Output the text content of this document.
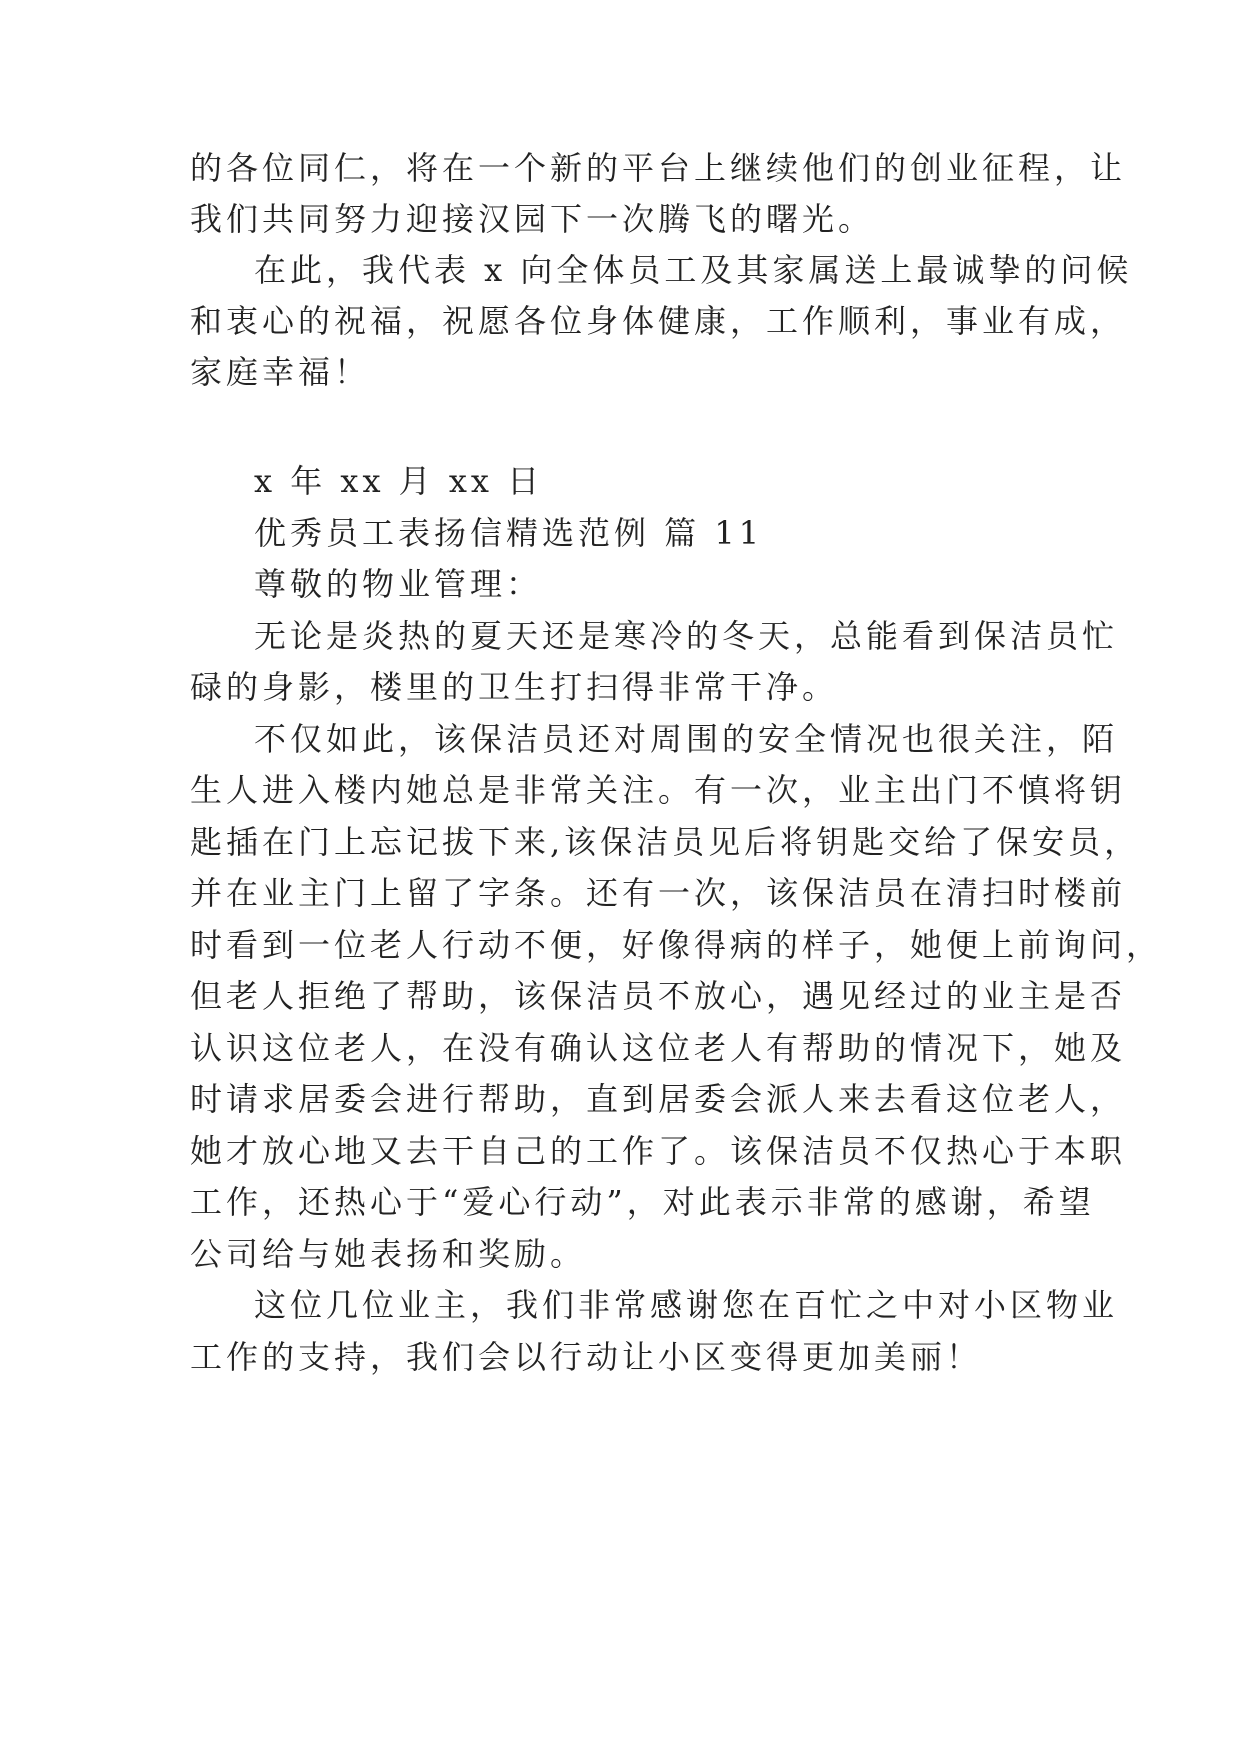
的各位同仁，将在一个新的平台上继续他们的创业征程，让
我们共同努力迎接汉园下一次腾飞的曙光。
在此，我代表 x 向全体员工及其家属送上最诚挚的问候
和衷心的祝福，祝愿各位身体健康，工作顺利，事业有成，
家庭幸福！
x 年 xx 月 xx 日
优秀员工表扬信精选范例 篇 11
尊敬的物业管理：
无论是炎热的夏天还是寒冷的冬天，总能看到保洁员忙
碌的身影，楼里的卫生打扫得非常干净。
不仅如此，该保洁员还对周围的安全情况也很关注，陌
生人进入楼内她总是非常关注。有一次，业主出门不慎将钥
匙插在门上忘记拔下来,该保洁员见后将钥匙交给了保安员，
并在业主门上留了字条。还有一次，该保洁员在清扫时楼前
时看到一位老人行动不便，好像得病的样子，她便上前询问，
但老人拒绝了帮助，该保洁员不放心，遇见经过的业主是否
认识这位老人，在没有确认这位老人有帮助的情况下，她及
时请求居委会进行帮助，直到居委会派人来去看这位老人，
她才放心地又去干自己的工作了。该保洁员不仅热心于本职
工作，还热心于“爱心行动”，对此表示非常的感谢，希望
公司给与她表扬和奖励。
这位几位业主，我们非常感谢您在百忙之中对小区物业
工作的支持，我们会以行动让小区变得更加美丽！
